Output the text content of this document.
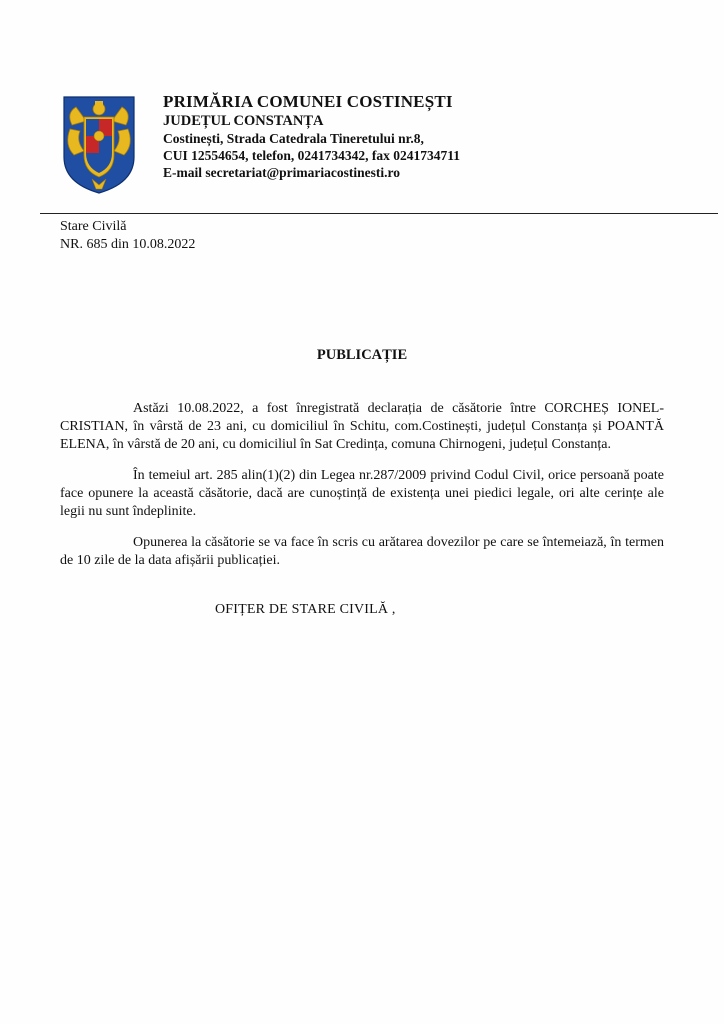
PRIMĂRIA COMUNEI COSTINEȘTI
JUDEȚUL CONSTANȚA
Costinești, Strada Catedrala Tineretului nr.8,
CUI 12554654, telefon, 0241734342, fax 0241734711
E-mail secretariat@primariacostinesti.ro
Stare Civilă
NR. 685 din 10.08.2022
PUBLICAȚIE
Astăzi 10.08.2022, a fost înregistrată declarația de căsătorie între CORCHEȘ IONEL-CRISTIAN, în vârstă de 23 ani, cu domiciliul în Schitu, com.Costinești, județul Constanța și POANTĂ ELENA, în vârstă de 20 ani, cu domiciliul în Sat Credința, comuna Chirnogeni, județul Constanța.
În temeiul art. 285 alin(1)(2) din Legea nr.287/2009 privind Codul Civil, orice persoană poate face opunere la această căsătorie, dacă are cunoștință de existența unei piedici legale, ori alte cerințe ale legii nu sunt îndeplinite.
Opunerea la căsătorie se va face în scris cu arătarea dovezilor pe care se întemeiază, în termen de 10 zile de la data afișării publicației.
OFIȚER DE STARE CIVILĂ ,
